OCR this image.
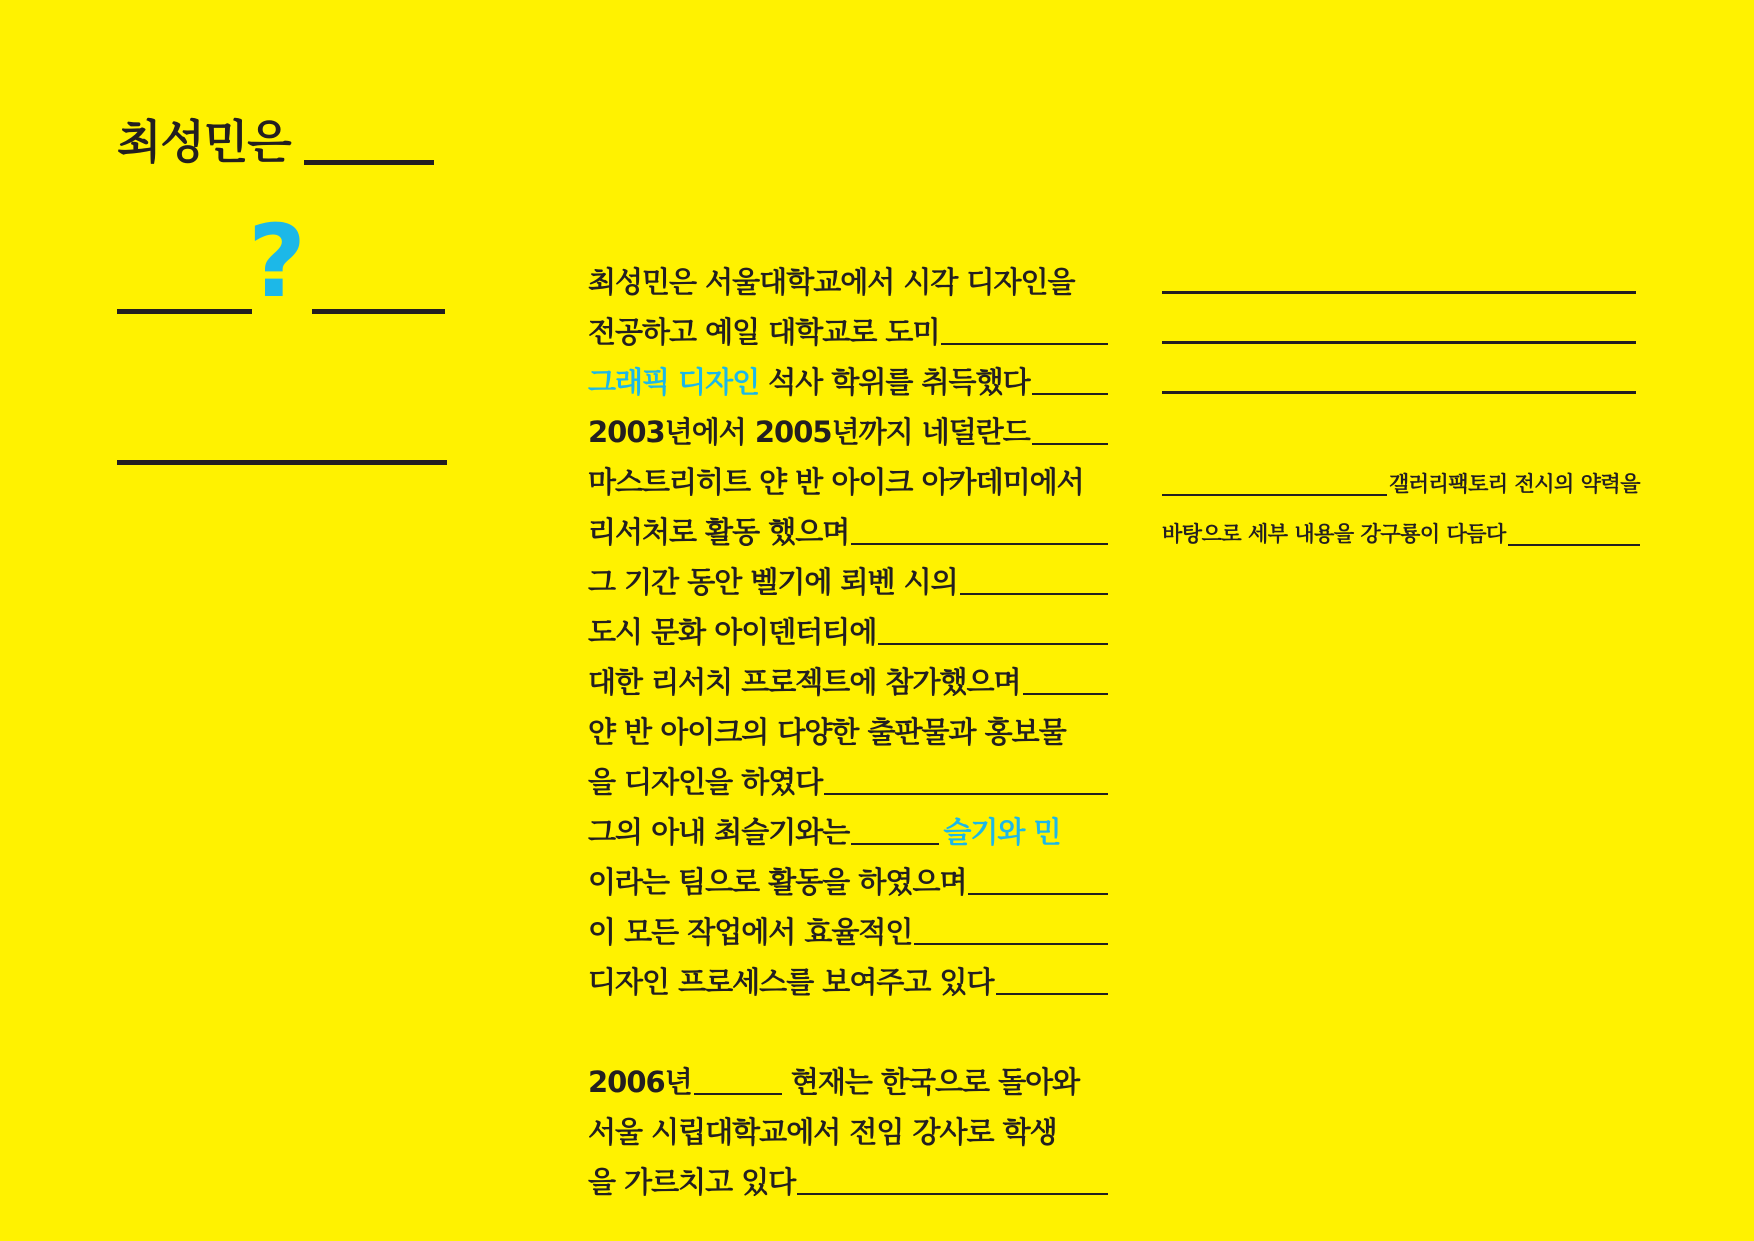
최성민은
?	최성민은 서울대학교에서 시각 디자인을
전공하고 예일 대학교로 도미
그래픽 디자인 석사 학위를 취득했다
2003년에서 2005년까지 네덜란드
마스트리히트 얀 반 아이크 아카데미에서
리서처로 활동 했으며
그 기간 동안 벨기에 뢰벤 시의
도시 문화 아이덴터티에
대한 리서치 프로젝트에 참가했으며
얀 반 아이크의 다양한 출판물과 홍보물
을 디자인을 하였다
그의 아내 최슬기와는	슬기와 민
이라는 팀으로 활동을 하였으며
이 모든 작업에서 효율적인
디자인 프로세스를 보여주고 있다
2006년	현재는 한국으로 돌아와
서울 시립대학교에서 전임 강사로 학생
을 가르치고 있다
갤러리팩토리 전시의 약력을
바탕으로 세부 내용을 강구룡이 다듬다
